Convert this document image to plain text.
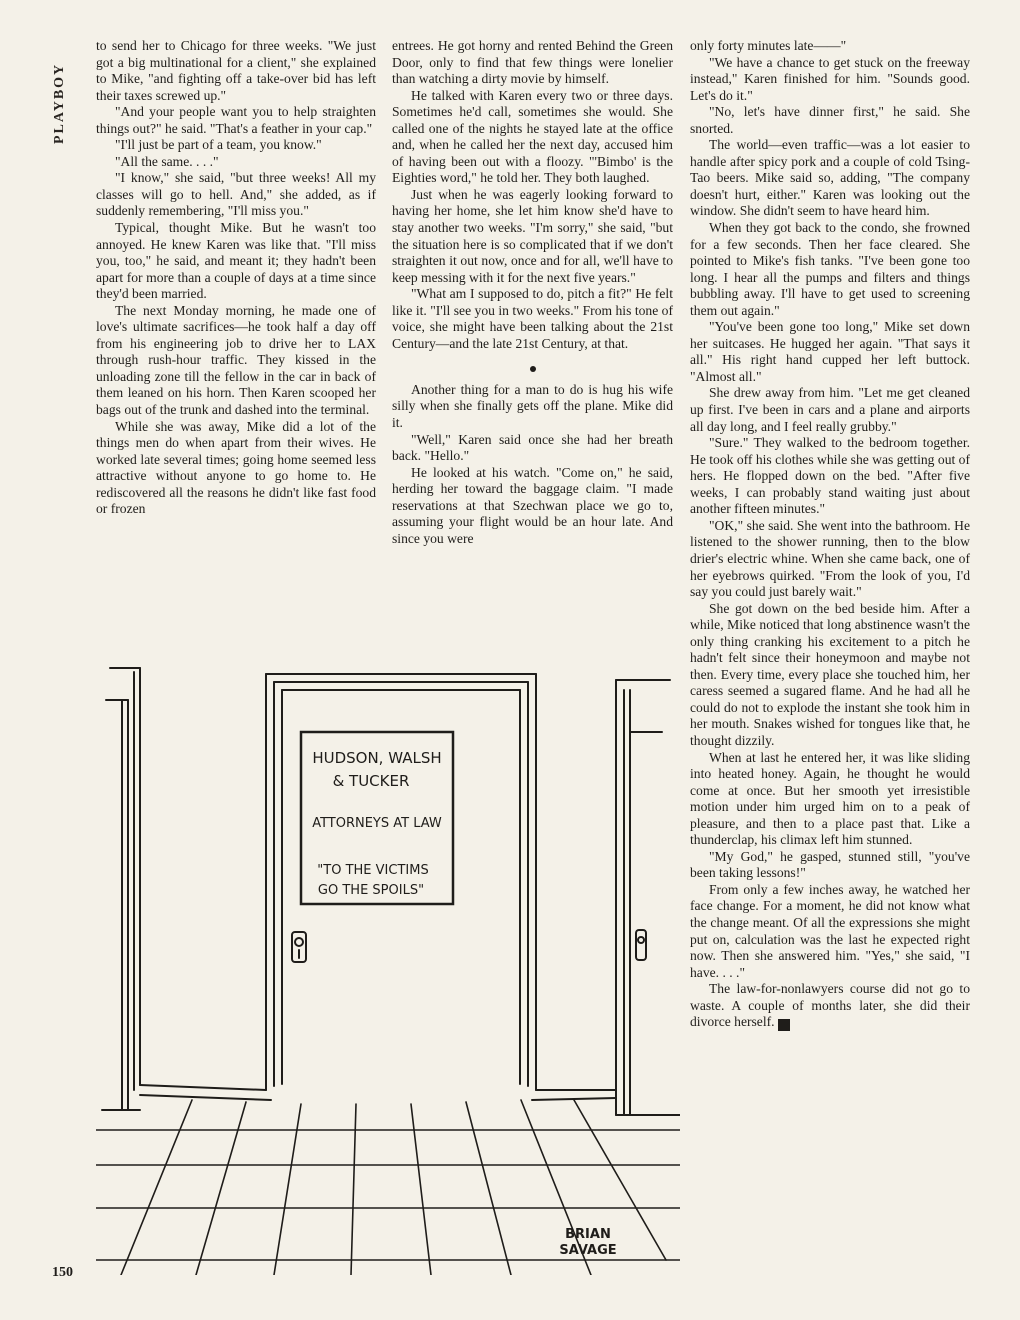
PLAYBOY

to send her to Chicago for three weeks. "We just got a big multinational for a client," she explained to Mike, "and fighting off a take-over bid has left their taxes screwed up."

"And your people want you to help straighten things out?" he said. "That's a feather in your cap."

"I'll just be part of a team, you know."

"All the same. . . ."

"I know," she said, "but three weeks! All my classes will go to hell. And," she added, as if suddenly remembering, "I'll miss you."

Typical, thought Mike. But he wasn't too annoyed. He knew Karen was like that. "I'll miss you, too," he said, and meant it; they hadn't been apart for more than a couple of days at a time since they'd been married.

The next Monday morning, he made one of love's ultimate sacrifices—he took half a day off from his engineering job to drive her to LAX through rush-hour traffic. They kissed in the unloading zone till the fellow in the car in back of them leaned on his horn. Then Karen scooped her bags out of the trunk and dashed into the terminal.

While she was away, Mike did a lot of the things men do when apart from their wives. He worked late several times; going home seemed less attractive without anyone to go home to. He rediscovered all the reasons he didn't like fast food or frozen

entrees. He got horny and rented Behind the Green Door, only to find that few things were lonelier than watching a dirty movie by himself.

He talked with Karen every two or three days. Sometimes he'd call, sometimes she would. She called one of the nights he stayed late at the office and, when he called her the next day, accused him of having been out with a floozy. "'Bimbo' is the Eighties word," he told her. They both laughed.

Just when he was eagerly looking forward to having her home, she let him know she'd have to stay another two weeks. "I'm sorry," she said, "but the situation here is so complicated that if we don't straighten it out now, once and for all, we'll have to keep messing with it for the next five years."

"What am I supposed to do, pitch a fit?" He felt like it. "I'll see you in two weeks." From his tone of voice, she might have been talking about the 21st Century—and the late 21st Century, at that.

Another thing for a man to do is hug his wife silly when she finally gets off the plane. Mike did it.

"Well," Karen said once she had her breath back. "Hello."

He looked at his watch. "Come on," he said, herding her toward the baggage claim. "I made reservations at that Szechwan place we go to, assuming your flight would be an hour late. And since you were

only forty minutes late——"

"We have a chance to get stuck on the freeway instead," Karen finished for him. "Sounds good. Let's do it."

"No, let's have dinner first," he said. She snorted.

The world—even traffic—was a lot easier to handle after spicy pork and a couple of cold Tsing-Tao beers. Mike said so, adding, "The company doesn't hurt, either." Karen was looking out the window. She didn't seem to have heard him.

When they got back to the condo, she frowned for a few seconds. Then her face cleared. She pointed to Mike's fish tanks. "I've been gone too long. I hear all the pumps and filters and things bubbling away. I'll have to get used to screening them out again."

"You've been gone too long," Mike set down her suitcases. He hugged her again. "That says it all." His right hand cupped her left buttock. "Almost all."

She drew away from him. "Let me get cleaned up first. I've been in cars and a plane and airports all day long, and I feel really grubby."

"Sure." They walked to the bedroom together. He took off his clothes while she was getting out of hers. He flopped down on the bed. "After five weeks, I can probably stand waiting just about another fifteen minutes."

"OK," she said. She went into the bathroom. He listened to the shower running, then to the blow drier's electric whine. When she came back, one of her eyebrows quirked. "From the look of you, I'd say you could just barely wait."

She got down on the bed beside him. After a while, Mike noticed that long abstinence wasn't the only thing cranking his excitement to a pitch he hadn't felt since their honeymoon and maybe not then. Every time, every place she touched him, her caress seemed a sugared flame. And he had all he could do not to explode the instant she took him in her mouth. Snakes wished for tongues like that, he thought dizzily.

When at last he entered her, it was like sliding into heated honey. Again, he thought he would come at once. But her smooth yet irresistible motion under him urged him on to a peak of pleasure, and then to a place past that. Like a thunderclap, his climax left him stunned.

"My God," he gasped, stunned still, "you've been taking lessons!"

From only a few inches away, he watched her face change. For a moment, he did not know what the change meant. Of all the expressions she might put on, calculation was the last he expected right now. Then she answered him. "Yes," she said, "I have. . . ."

The law-for-nonlawyers course did not go to waste. A couple of months later, she did their divorce herself. ♠

HUDSON, WALSH
& TUCKER
ATTORNEYS AT LAW
"TO THE VICTIMS
GO THE SPOILS"
BRIAN
SAVAGE
150
